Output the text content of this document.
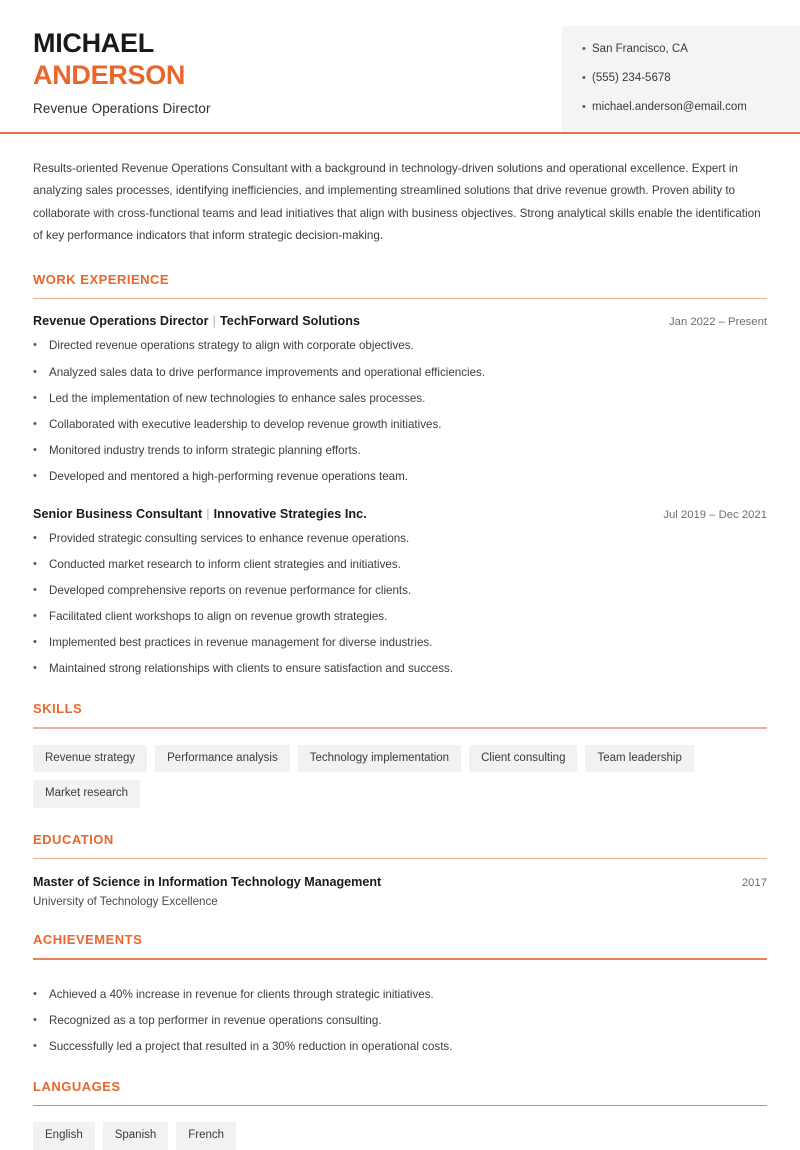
MICHAEL
ANDERSON
Revenue Operations Director
• San Francisco, CA
• (555) 234-5678
• michael.anderson@email.com
Results-oriented Revenue Operations Consultant with a background in technology-driven solutions and operational excellence. Expert in analyzing sales processes, identifying inefficiencies, and implementing streamlined solutions that drive revenue growth. Proven ability to collaborate with cross-functional teams and lead initiatives that align with business objectives. Strong analytical skills enable the identification of key performance indicators that inform strategic decision-making.
WORK EXPERIENCE
Revenue Operations Director | TechForward Solutions	Jan 2022 – Present
•	Directed revenue operations strategy to align with corporate objectives.
•	Analyzed sales data to drive performance improvements and operational efficiencies.
•	Led the implementation of new technologies to enhance sales processes.
•	Collaborated with executive leadership to develop revenue growth initiatives.
•	Monitored industry trends to inform strategic planning efforts.
•	Developed and mentored a high-performing revenue operations team.
Senior Business Consultant | Innovative Strategies Inc.	Jul 2019 – Dec 2021
•	Provided strategic consulting services to enhance revenue operations.
•	Conducted market research to inform client strategies and initiatives.
•	Developed comprehensive reports on revenue performance for clients.
•	Facilitated client workshops to align on revenue growth strategies.
•	Implemented best practices in revenue management for diverse industries.
•	Maintained strong relationships with clients to ensure satisfaction and success.
SKILLS
Revenue strategy	Performance analysis	Technology implementation	Client consulting	Team leadership
Market research
EDUCATION
Master of Science in Information Technology Management	2017
University of Technology Excellence
ACHIEVEMENTS
•	Achieved a 40% increase in revenue for clients through strategic initiatives.
•	Recognized as a top performer in revenue operations consulting.
•	Successfully led a project that resulted in a 30% reduction in operational costs.
LANGUAGES
English	Spanish	French
